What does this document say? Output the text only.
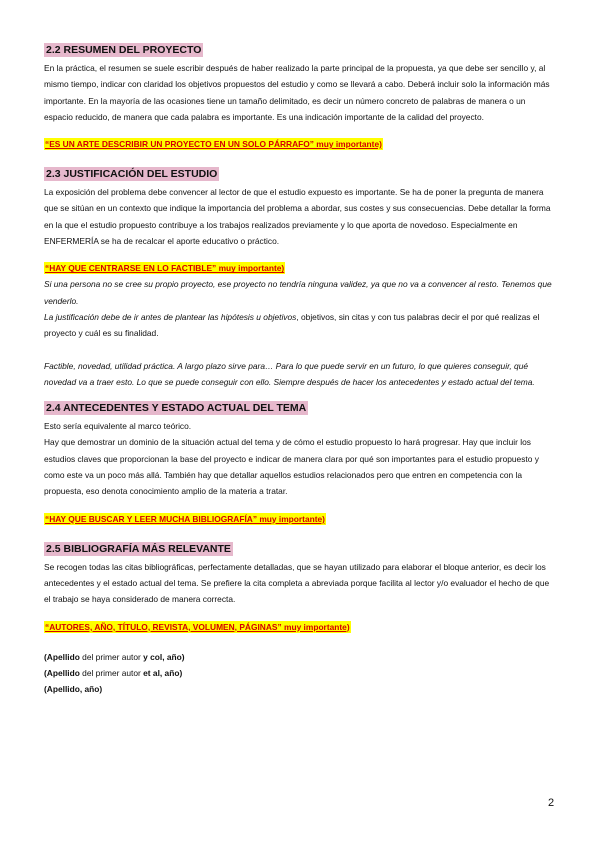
2.2 RESUMEN DEL PROYECTO

En la práctica, el resumen se suele escribir después de haber realizado la parte principal de la propuesta, ya que debe ser sencillo y, al mismo tiempo, indicar con claridad los objetivos propuestos del estudio y como se llevará a cabo. Deberá incluir solo la información más importante. En la mayoría de las ocasiones tiene un tamaño delimitado, es decir un número concreto de palabras de manera o un espacio reducido, de manera que cada palabra es importante. Es una indicación importante de la calidad del proyecto.

“ES UN ARTE DESCRIBIR UN PROYECTO EN UN SOLO PÁRRAFO” muy importante)
2.3 JUSTIFICACIÓN DEL ESTUDIO

La exposición del problema debe convencer al lector de que el estudio expuesto es importante. Se ha de poner la pregunta de manera que se sitúan en un contexto que indique la importancia del problema a abordar, sus costes y sus consecuencias. Debe detallar la forma en la que el estudio propuesto contribuye a los trabajos realizados previamente y lo que aporta de novedoso. Especialmente en ENFERMERÍA se ha de recalcar el aporte educativo o práctico.

“HAY QUE CENTRARSE EN LO FACTIBLE” muy importante)

Si una persona no se cree su propio proyecto, ese proyecto no tendría ninguna validez, ya que no va a convencer al resto. Tenemos que venderlo.

La justificación debe de ir antes de plantear las hipótesis u objetivos, objetivos, sin citas y con tus palabras decir el por qué realizas el proyecto y cuál es su finalidad.

Factible, novedad, utilidad práctica. A largo plazo sirve para… Para lo que puede servir en un futuro, lo que quieres conseguir, qué novedad va a traer esto. Lo que se puede conseguir con ello. Siempre después de hacer los antecedentes y estado actual del tema.

2.4 ANTECEDENTES Y ESTADO ACTUAL DEL TEMA

Esto sería equivalente al marco teórico.

Hay que demostrar un dominio de la situación actual del tema y de cómo el estudio propuesto lo hará progresar. Hay que incluir los estudios claves que proporcionan la base del proyecto e indicar de manera clara por qué son importantes para el estudio propuesto y como este va un poco más allá. También hay que detallar aquellos estudios relacionados pero que entren en competencia con la propuesta, eso denota conocimiento amplio de la materia a tratar.

“HAY QUE BUSCAR Y LEER MUCHA BIBLIOGRAFÍA” muy importante)
2.5 BIBLIOGRAFÍA MÁS RELEVANTE

Se recogen todas las citas bibliográficas, perfectamente detalladas, que se hayan utilizado para elaborar el bloque anterior, es decir los antecedentes y el estado actual del tema. Se prefiere la cita completa a abreviada porque facilita al lector y/o evaluador el hecho de que el trabajo se haya considerado de manera correcta.

“AUTORES, AÑO, TÍTULO, REVISTA, VOLUMEN, PÁGINAS” muy importante)

(Apellido del primer autor y col, año)

(Apellido del primer autor et al, año)

(Apellido, año)

2
